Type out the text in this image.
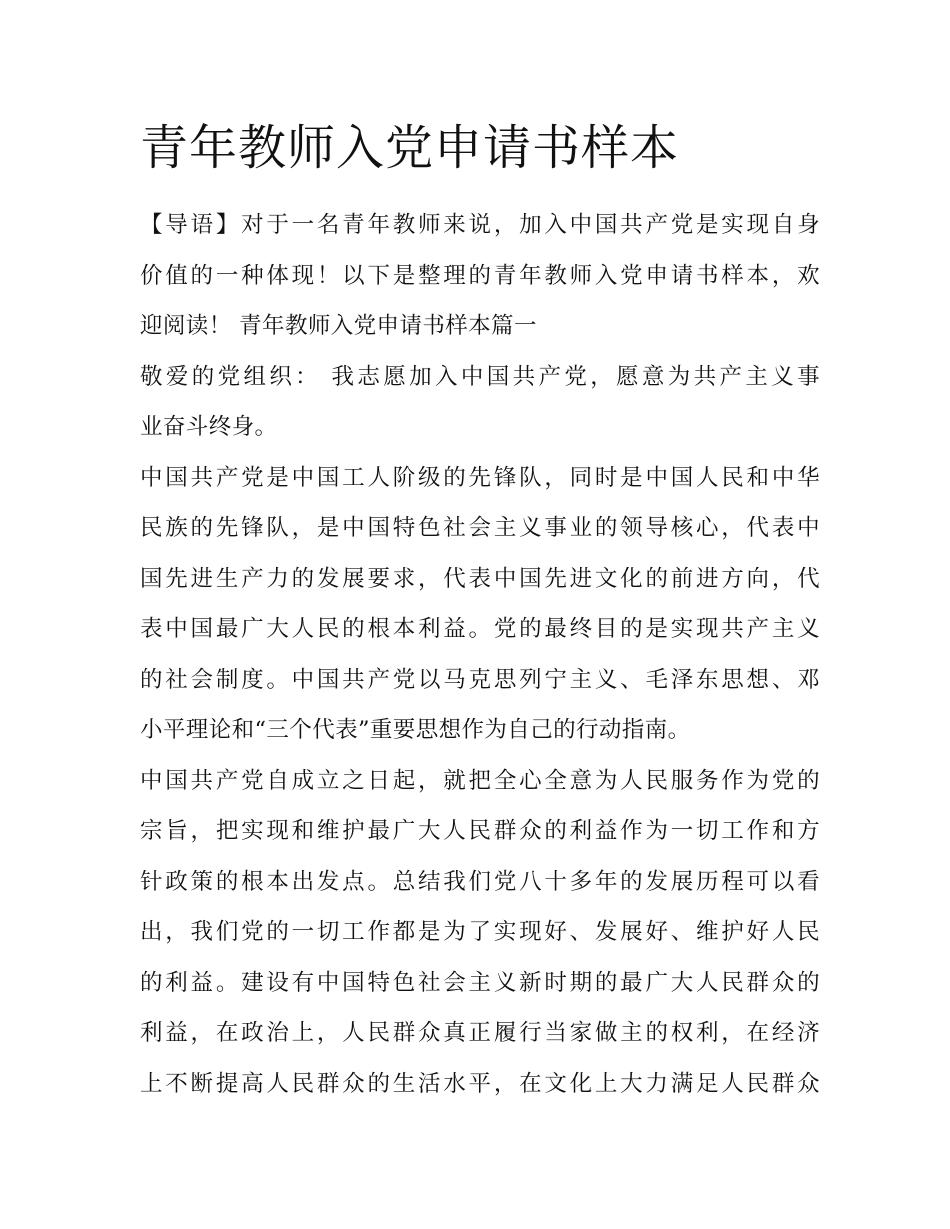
青年教师入党申请书样本

【导语】对于一名青年教师来说，加入中国共产党是实现自身
价值的一种体现！以下是整理的青年教师入党申请书样本，欢
迎阅读！ 青年教师入党申请书样本篇一

敬爱的党组织： 我志愿加入中国共产党，愿意为共产主义事
业奋斗终身。

中国共产党是中国工人阶级的先锋队，同时是中国人民和中华
民族的先锋队，是中国特色社会主义事业的领导核心，代表中
国先进生产力的发展要求，代表中国先进文化的前进方向，代
表中国最广大人民的根本利益。党的最终目的是实现共产主义
的社会制度。中国共产党以马克思列宁主义、毛泽东思想、邓
小平理论和“三个代表”重要思想作为自己的行动指南。

中国共产党自成立之日起，就把全心全意为人民服务作为党的
宗旨，把实现和维护最广大人民群众的利益作为一切工作和方
针政策的根本出发点。总结我们党八十多年的发展历程可以看
出，我们党的一切工作都是为了实现好、发展好、维护好人民
的利益。建设有中国特色社会主义新时期的最广大人民群众的
利益，在政治上，人民群众真正履行当家做主的权利，在经济
上不断提高人民群众的生活水平，在文化上大力满足人民群众
